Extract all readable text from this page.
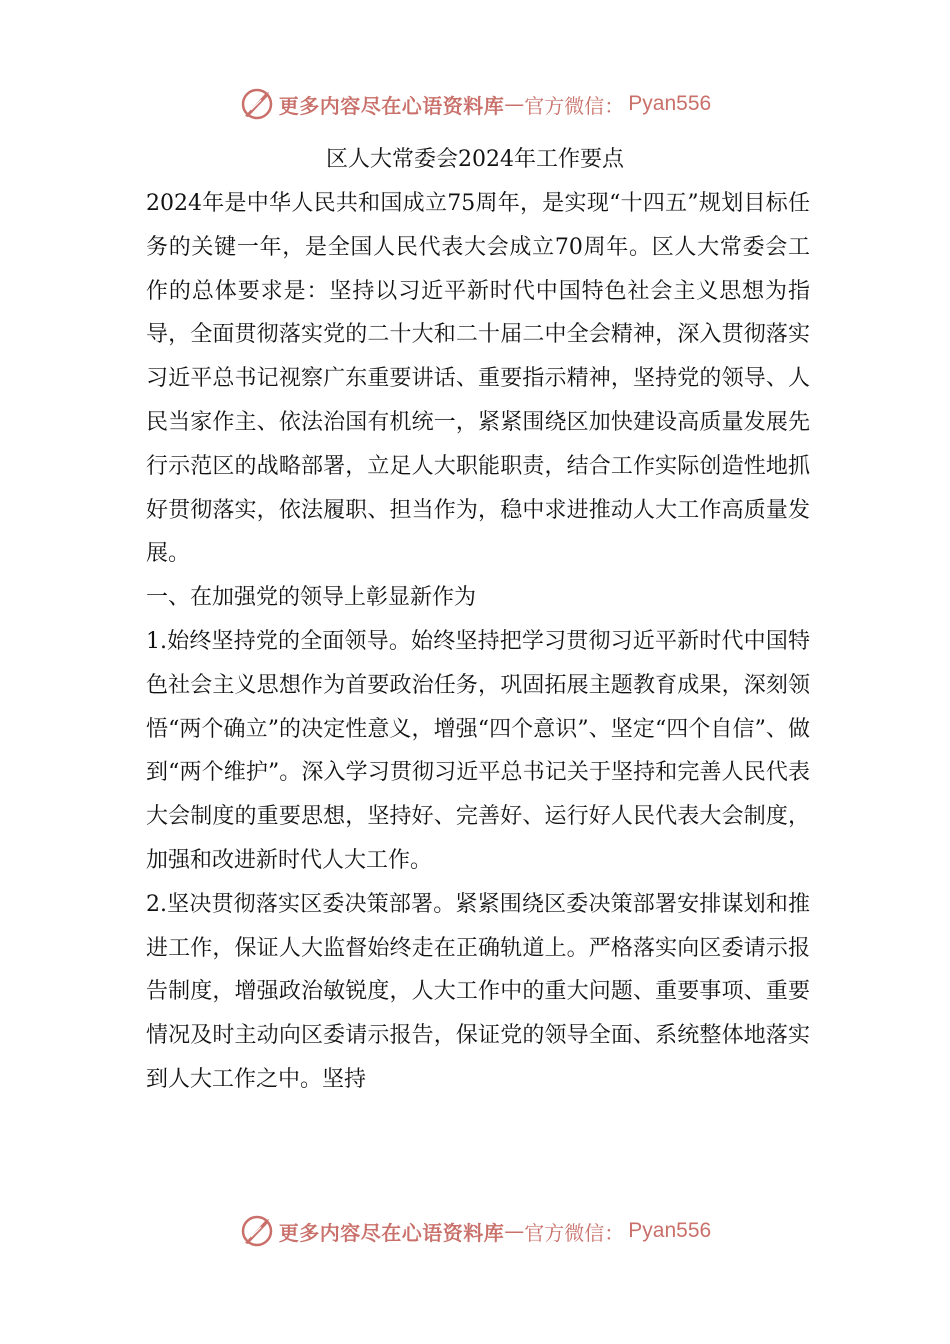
更多内容尽在心语资料库 — 官方微信： Pyan556
区人大常委会2024年工作要点

2024年是中华人民共和国成立75周年，是实现“十四五”规划目标任务的关键一年，是全国人民代表大会成立70周年。区人大常委会工作的总体要求是：坚持以习近平新时代中国特色社会主义思想为指导，全面贯彻落实党的二十大和二十届二中全会精神，深入贯彻落实习近平总书记视察广东重要讲话、重要指示精神，坚持党的领导、人民当家作主、依法治国有机统一，紧紧围绕区加快建设高质量发展先行示范区的战略部署，立足人大职能职责，结合工作实际创造性地抓好贯彻落实，依法履职、担当作为，稳中求进推动人大工作高质量发展。

一、在加强党的领导上彰显新作为

1.始终坚持党的全面领导。始终坚持把学习贯彻习近平新时代中国特色社会主义思想作为首要政治任务，巩固拓展主题教育成果，深刻领悟“两个确立”的决定性意义，增强“四个意识”、坚定“四个自信”、做到“两个维护”。深入学习贯彻习近平总书记关于坚持和完善人民代表大会制度的重要思想，坚持好、完善好、运行好人民代表大会制度，加强和改进新时代人大工作。

2.坚决贯彻落实区委决策部署。紧紧围绕区委决策部署安排谋划和推进工作，保证人大监督始终走在正确轨道上。严格落实向区委请示报告制度，增强政治敏锐度，人大工作中的重大问题、重要事项、重要情况及时主动向区委请示报告，保证党的领导全面、系统整体地落实到人大工作之中。坚持

更多内容尽在心语资料库 — 官方微信： Pyan556
